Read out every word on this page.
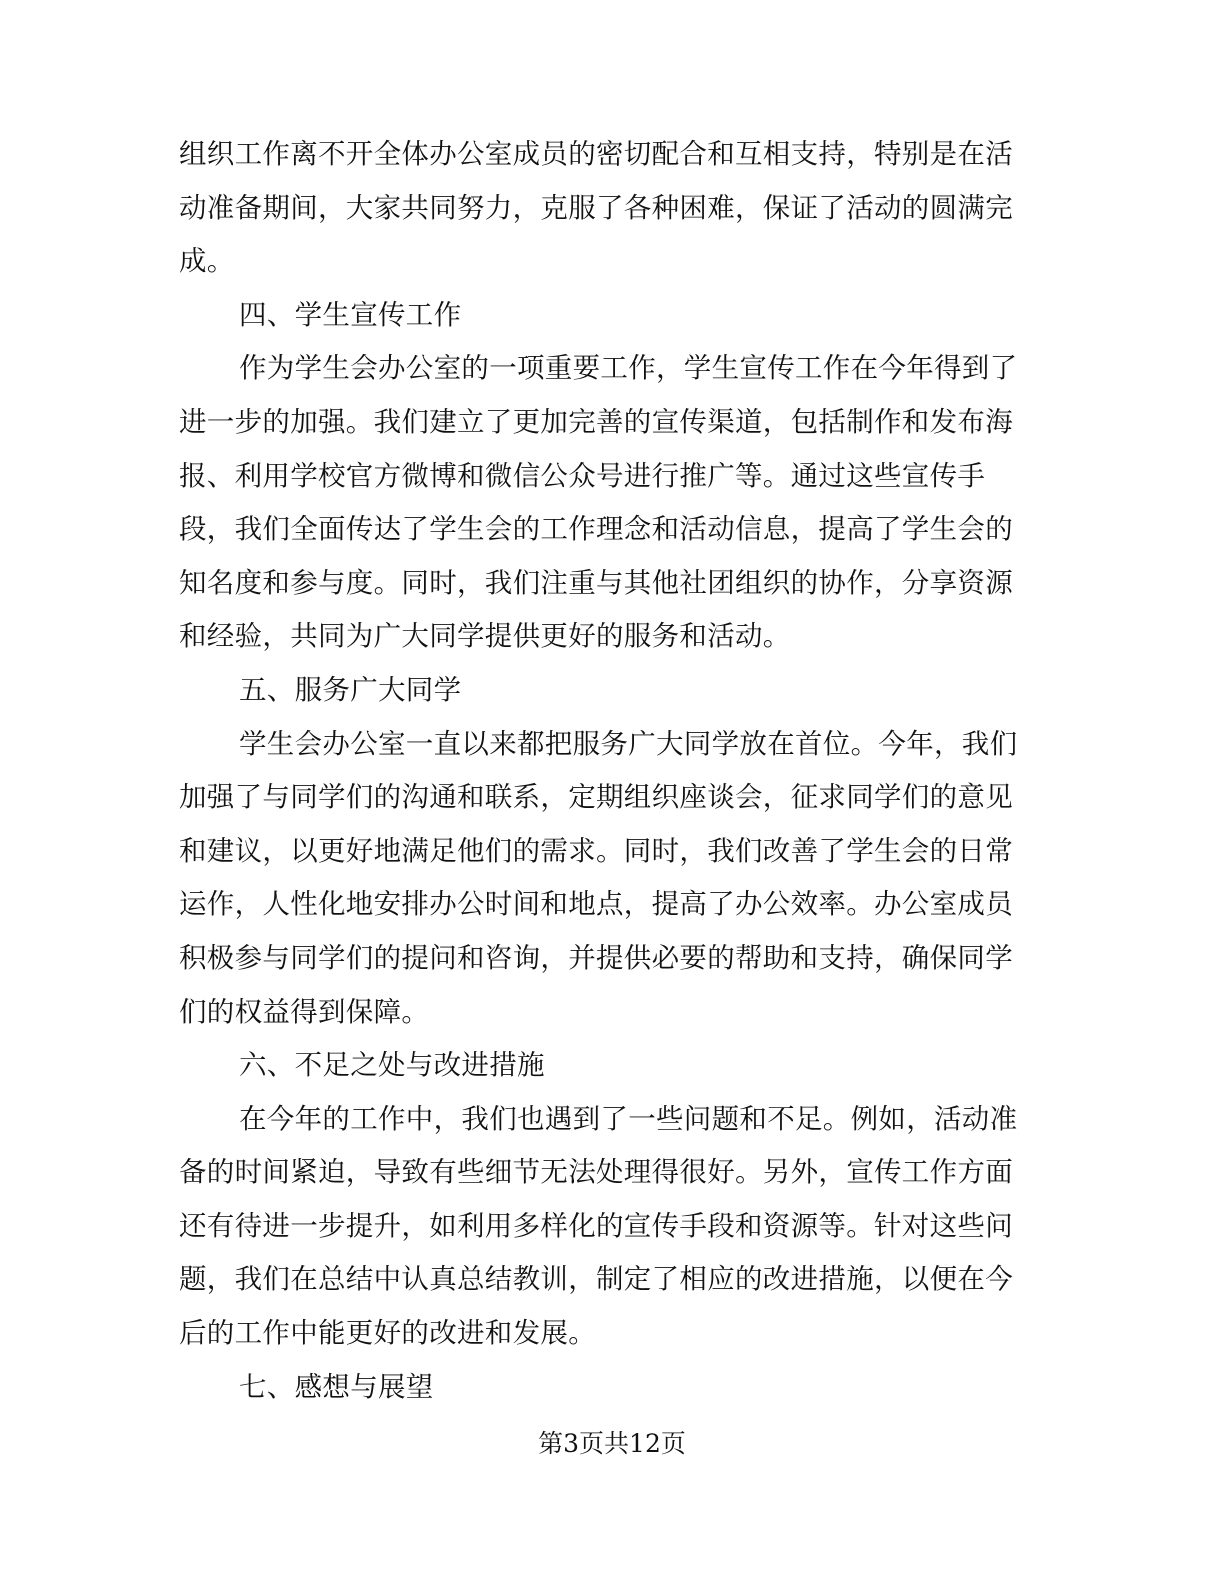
组织工作离不开全体办公室成员的密切配合和互相支持，特别是在活
动准备期间，大家共同努力，克服了各种困难，保证了活动的圆满完
成。
四、学生宣传工作
作为学生会办公室的一项重要工作，学生宣传工作在今年得到了
进一步的加强。我们建立了更加完善的宣传渠道，包括制作和发布海
报、利用学校官方微博和微信公众号进行推广等。通过这些宣传手
段，我们全面传达了学生会的工作理念和活动信息，提高了学生会的
知名度和参与度。同时，我们注重与其他社团组织的协作，分享资源
和经验，共同为广大同学提供更好的服务和活动。
五、服务广大同学
学生会办公室一直以来都把服务广大同学放在首位。今年，我们
加强了与同学们的沟通和联系，定期组织座谈会，征求同学们的意见
和建议，以更好地满足他们的需求。同时，我们改善了学生会的日常
运作，人性化地安排办公时间和地点，提高了办公效率。办公室成员
积极参与同学们的提问和咨询，并提供必要的帮助和支持，确保同学
们的权益得到保障。
六、不足之处与改进措施
在今年的工作中，我们也遇到了一些问题和不足。例如，活动准
备的时间紧迫，导致有些细节无法处理得很好。另外，宣传工作方面
还有待进一步提升，如利用多样化的宣传手段和资源等。针对这些问
题，我们在总结中认真总结教训，制定了相应的改进措施，以便在今
后的工作中能更好的改进和发展。
七、感想与展望
第3页共12页
